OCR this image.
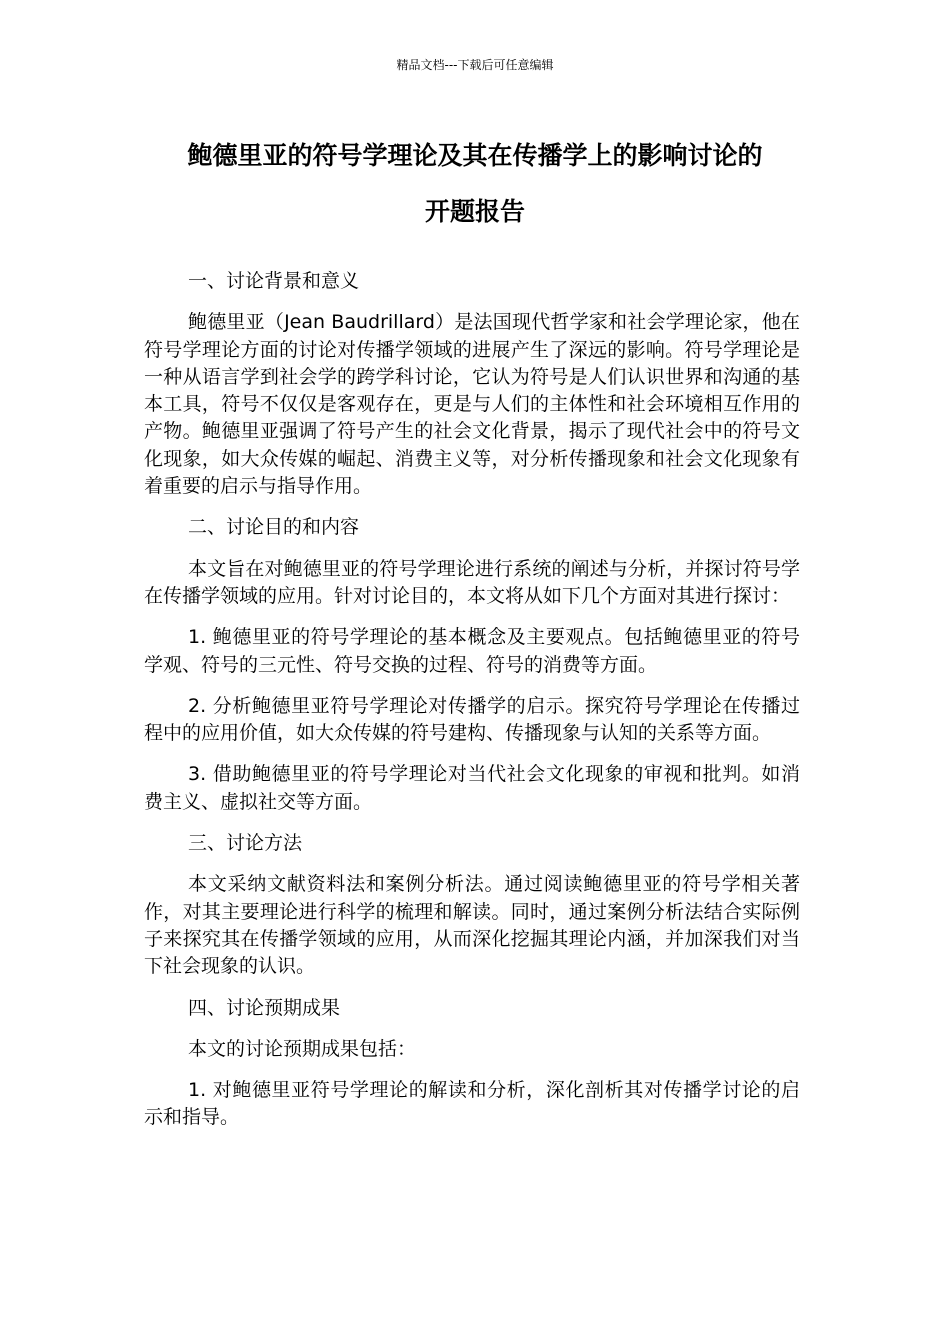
精品文档---下载后可任意编辑
鲍德里亚的符号学理论及其在传播学上的影响讨论的
开题报告

一、讨论背景和意义

鲍德里亚（Jean Baudrillard）是法国现代哲学家和社会学理论家，他在符号学理论方面的讨论对传播学领域的进展产生了深远的影响。符号学理论是一种从语言学到社会学的跨学科讨论，它认为符号是人们认识世界和沟通的基本工具，符号不仅仅是客观存在，更是与人们的主体性和社会环境相互作用的产物。鲍德里亚强调了符号产生的社会文化背景，揭示了现代社会中的符号文化现象，如大众传媒的崛起、消费主义等，对分析传播现象和社会文化现象有着重要的启示与指导作用。

二、讨论目的和内容

本文旨在对鲍德里亚的符号学理论进行系统的阐述与分析，并探讨符号学在传播学领域的应用。针对讨论目的，本文将从如下几个方面对其进行探讨：

1. 鲍德里亚的符号学理论的基本概念及主要观点。包括鲍德里亚的符号学观、符号的三元性、符号交换的过程、符号的消费等方面。

2. 分析鲍德里亚符号学理论对传播学的启示。探究符号学理论在传播过程中的应用价值，如大众传媒的符号建构、传播现象与认知的关系等方面。

3. 借助鲍德里亚的符号学理论对当代社会文化现象的审视和批判。如消费主义、虚拟社交等方面。

三、讨论方法

本文采纳文献资料法和案例分析法。通过阅读鲍德里亚的符号学相关著作，对其主要理论进行科学的梳理和解读。同时，通过案例分析法结合实际例子来探究其在传播学领域的应用，从而深化挖掘其理论内涵，并加深我们对当下社会现象的认识。

四、讨论预期成果

本文的讨论预期成果包括：

1. 对鲍德里亚符号学理论的解读和分析，深化剖析其对传播学讨论的启示和指导。
